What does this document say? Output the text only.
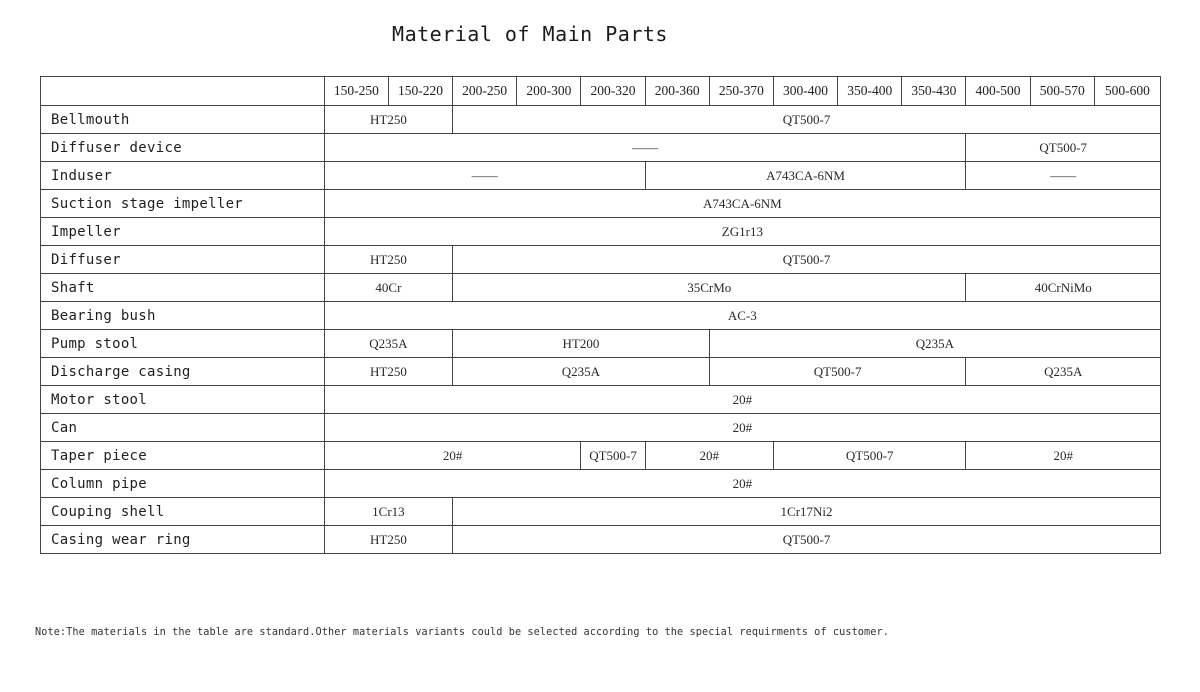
Material of Main Parts
	150-250	150-220	200-250	200-300	200-320	200-360	250-370	300-400	350-400	350-430	400-500	500-570	500-600
Bellmouth	HT250		QT500-7										
Diffuser device	——										QT500-7		
Induser	——					A743CA-6NM					——		
Suction stage impeller	A743CA-6NM												
Impeller	ZG1r13												
Diffuser	HT250		QT500-7										
Shaft	40Cr		35CrMo								40CrNiMo		
Bearing bush	AC-3												
Pump stool	Q235A		HT200				Q235A						
Discharge casing	HT250		Q235A				QT500-7				Q235A		
Motor stool	20#												
Can	20#												
Taper piece	20#				QT500-7	20#		QT500-7			20#		
Column pipe	20#												
Couping shell	1Cr13		1Cr17Ni2										
Casing wear ring	HT250		QT500-7										
Note:The materials in the table are standard.Other materials variants could be selected according to the special requirments of customer.
